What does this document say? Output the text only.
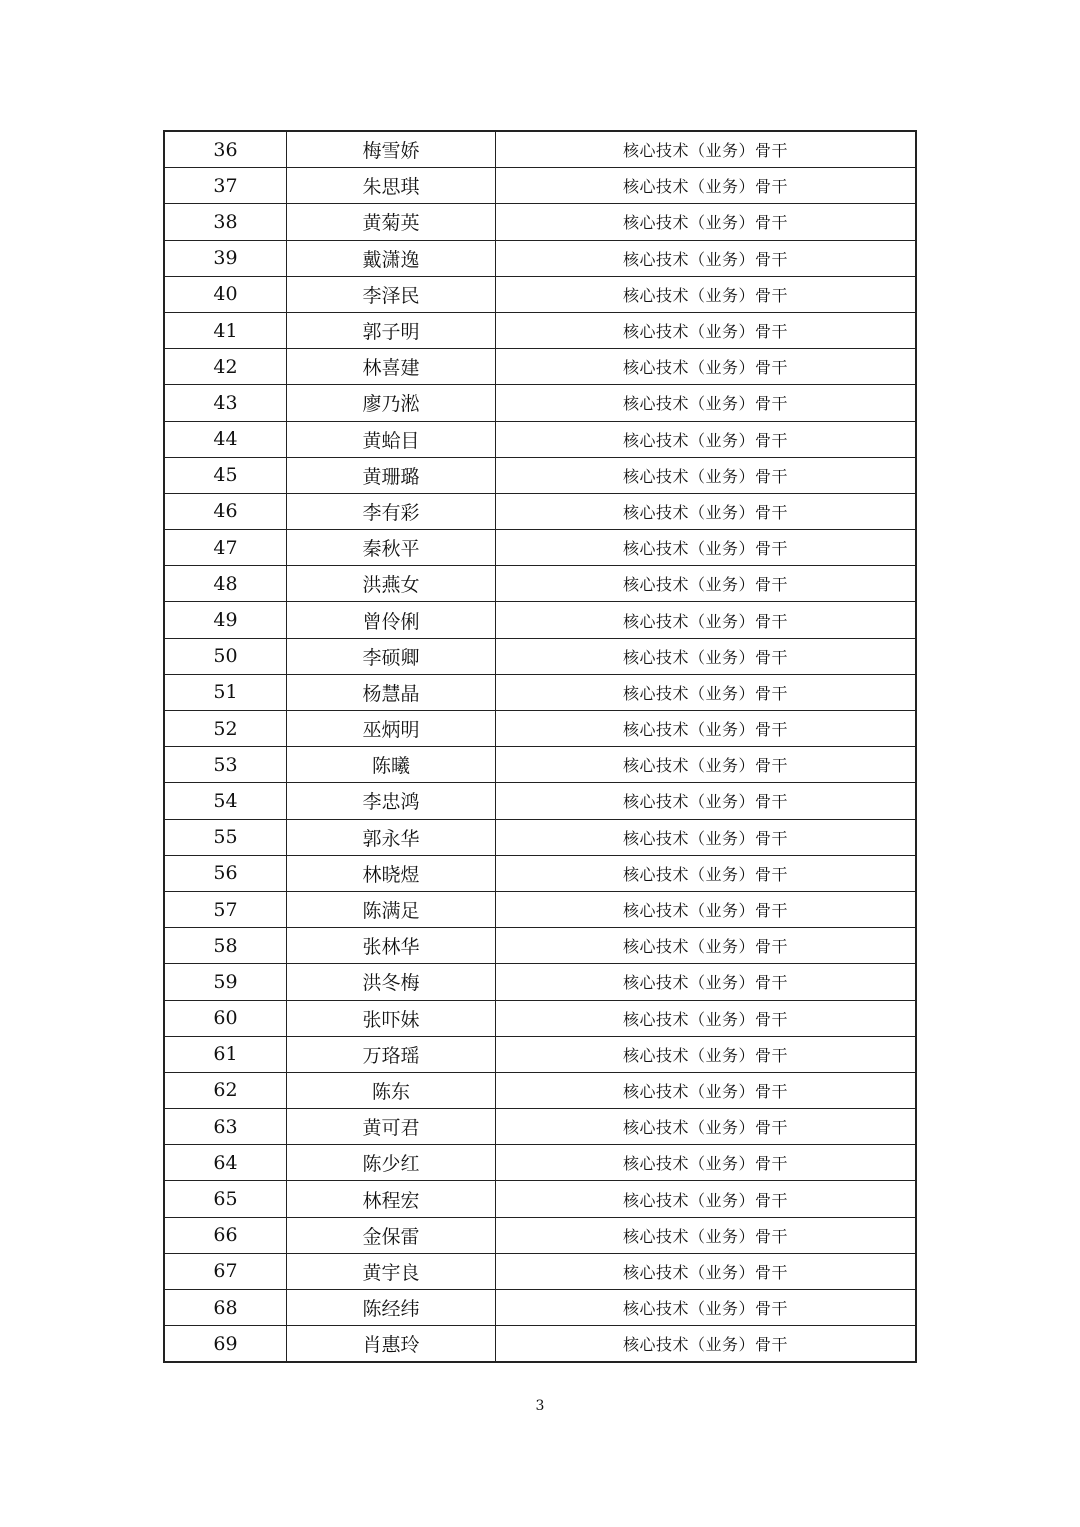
36	梅雪娇	核心技术（业务）骨干
37	朱思琪	核心技术（业务）骨干
38	黄菊英	核心技术（业务）骨干
39	戴潇逸	核心技术（业务）骨干
40	李泽民	核心技术（业务）骨干
41	郭子明	核心技术（业务）骨干
42	林喜建	核心技术（业务）骨干
43	廖乃淞	核心技术（业务）骨干
44	黄蛤目	核心技术（业务）骨干
45	黄珊璐	核心技术（业务）骨干
46	李有彩	核心技术（业务）骨干
47	秦秋平	核心技术（业务）骨干
48	洪燕女	核心技术（业务）骨干
49	曾伶俐	核心技术（业务）骨干
50	李硕卿	核心技术（业务）骨干
51	杨慧晶	核心技术（业务）骨干
52	巫炳明	核心技术（业务）骨干
53	陈曦	核心技术（业务）骨干
54	李忠鸿	核心技术（业务）骨干
55	郭永华	核心技术（业务）骨干
56	林晓煜	核心技术（业务）骨干
57	陈满足	核心技术（业务）骨干
58	张林华	核心技术（业务）骨干
59	洪冬梅	核心技术（业务）骨干
60	张吓妹	核心技术（业务）骨干
61	万珞瑶	核心技术（业务）骨干
62	陈东	核心技术（业务）骨干
63	黄可君	核心技术（业务）骨干
64	陈少红	核心技术（业务）骨干
65	林程宏	核心技术（业务）骨干
66	金保雷	核心技术（业务）骨干
67	黄宇良	核心技术（业务）骨干
68	陈经纬	核心技术（业务）骨干
69	肖惠玲	核心技术（业务）骨干
3
